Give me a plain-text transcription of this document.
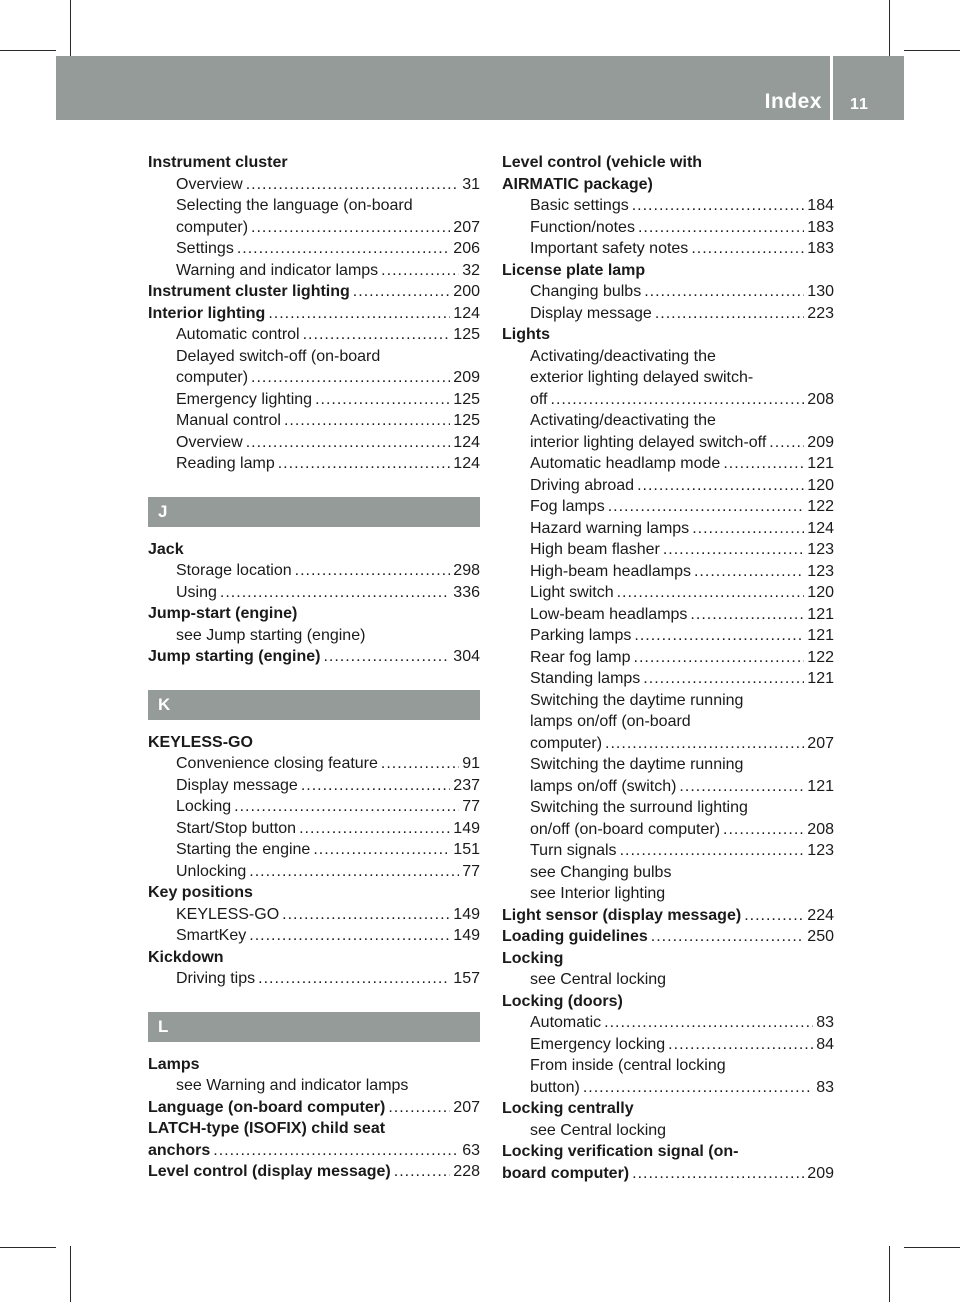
Index 11
Instrument cluster
Overview .....	31
Selecting the language (on-board
computer) .....	207
Settings .....	206
Warning and indicator lamps .....	32
Instrument cluster lighting .....	200
Interior lighting .....	124
Automatic control .....	125
Delayed switch-off (on-board
computer) .....	209
Emergency lighting .....	125
Manual control .....	125
Overview .....	124
Reading lamp .....	124
J
Jack
Storage location .....	298
Using .....	336
Jump-start (engine)
see Jump starting (engine)
Jump starting (engine) .....	304
K
KEYLESS-GO
Convenience closing feature .....	91
Display message .....	237
Locking .....	77
Start/Stop button .....	149
Starting the engine .....	151
Unlocking .....	77
Key positions
KEYLESS-GO .....	149
SmartKey .....	149
Kickdown
Driving tips .....	157
L
Lamps
see Warning and indicator lamps
Language (on-board computer) .....	207
LATCH-type (ISOFIX) child seat
anchors .....	63
Level control (display message) .....	228
Level control (vehicle with
AIRMATIC package)
Basic settings .....	184
Function/notes .....	183
Important safety notes .....	183
License plate lamp
Changing bulbs .....	130
Display message .....	223
Lights
Activating/deactivating the
exterior lighting delayed switch-
off .....	208
Activating/deactivating the
interior lighting delayed switch-off .....	209
Automatic headlamp mode .....	121
Driving abroad .....	120
Fog lamps .....	122
Hazard warning lamps .....	124
High beam flasher .....	123
High-beam headlamps .....	123
Light switch .....	120
Low-beam headlamps .....	121
Parking lamps .....	121
Rear fog lamp .....	122
Standing lamps .....	121
Switching the daytime running
lamps on/off (on-board
computer) .....	207
Switching the daytime running
lamps on/off (switch) .....	121
Switching the surround lighting
on/off (on-board computer) .....	208
Turn signals .....	123
see Changing bulbs
see Interior lighting
Light sensor (display message) .....	224
Loading guidelines .....	250
Locking
see Central locking
Locking (doors)
Automatic .....	83
Emergency locking .....	84
From inside (central locking
button) .....	83
Locking centrally
see Central locking
Locking verification signal (on-
board computer) .....	209
